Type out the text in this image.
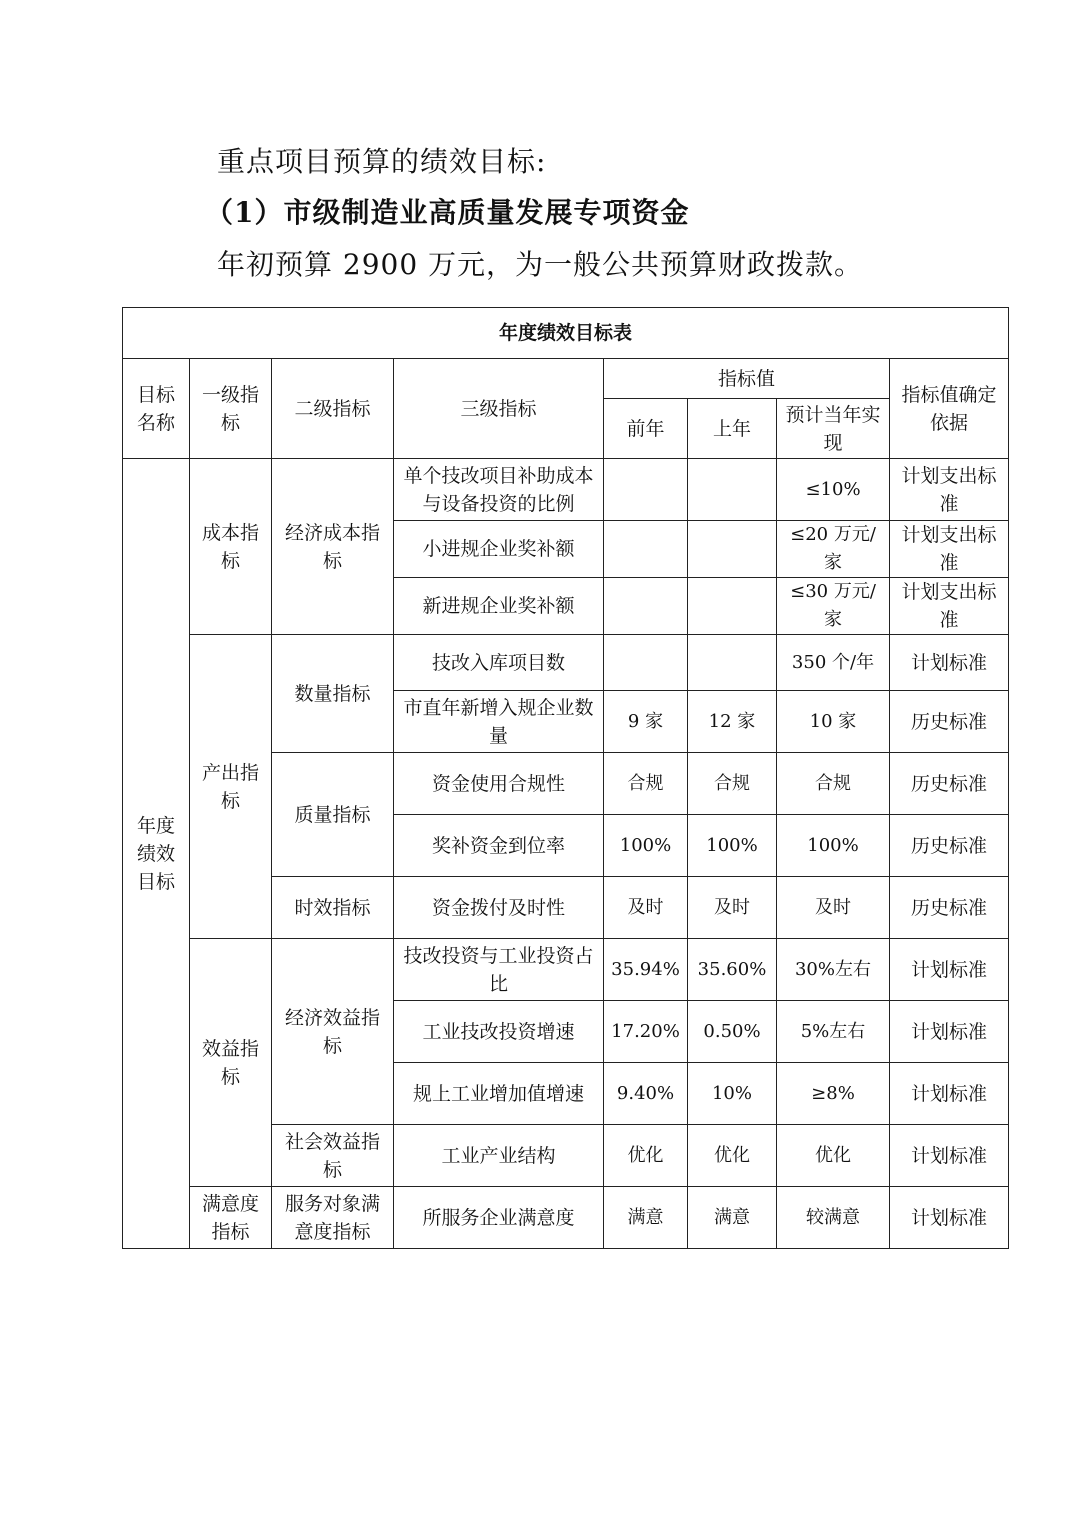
重点项目预算的绩效目标:
（1）市级制造业高质量发展专项资金
年初预算 2900 万元，为一般公共预算财政拨款。
年度绩效目标表							
目标名称	一级指标	二级指标	三级指标	指标值			指标值确定依据
				前年	上年	预计当年实现	
年度绩效目标	成本指标	经济成本指标	单个技改项目补助成本与设备投资的比例			≤10%	计划支出标准
			小进规企业奖补额			≤20 万元/家	计划支出标准
			新进规企业奖补额			≤30 万元/家	计划支出标准
	产出指标	数量指标	技改入库项目数			350 个/年	计划标准
			市直年新增入规企业数量	9 家	12 家	10 家	历史标准
		质量指标	资金使用合规性	合规	合规	合规	历史标准
			奖补资金到位率	100%	100%	100%	历史标准
		时效指标	资金拨付及时性	及时	及时	及时	历史标准
	效益指标	经济效益指标	技改投资与工业投资占比	35.94%	35.60%	30%左右	计划标准
			工业技改投资增速	17.20%	0.50%	5%左右	计划标准
			规上工业增加值增速	9.40%	10%	≥8%	计划标准
		社会效益指标	工业产业结构	优化	优化	优化	计划标准
	满意度指标	服务对象满意度指标	所服务企业满意度	满意	满意	较满意	计划标准
